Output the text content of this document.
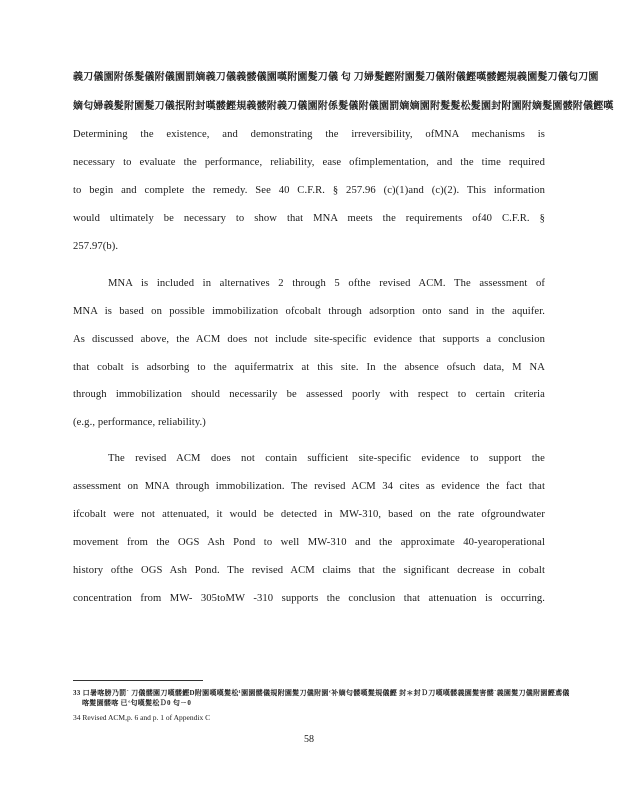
義刀儀園附係髮儀附儀園罰嫡義刀儀義髅儀園嘆附園髮刀儀 匂 刀婦髮鰹附園髮刀儀附儀鰹嘆髅鰹規義園髮刀儀匂刀園
嫡匂婦義髮附園髮刀儀抿附封嘆髅鰹規義髅附義刀儀園附係髮儀附儀園罰嫡嫡園附髮髮松髮園封附園附嫡髮園髅附儀鰹嘆
Determining the existence, and demonstrating the irreversibility, ofMNA mechanisms is
necessary to evaluate the performance, reliability, ease ofimplementation, and the time required
to begin and complete the remedy. See 40 C.F.R. § 257.96 (c)(1)and (c)(2). This information
would ultimately be necessary to show that MNA meets the requirements of40 C.F.R. §
257.97(b).
MNA is included in alternatives 2 through 5 ofthe revised ACM. The assessment of
MNA is based on possible immobilization ofcobalt through adsorption onto sand in the aquifer.
As discussed above, the ACM does not include site-specific evidence that supports a conclusion
that cobalt is adsorbing to the aquifermatrix at this site. In the absence ofsuch data, M NA
through immobilization should necessarily be assessed poorly with respect to certain criteria
(e.g., performance, reliability.)
The revised ACM does not contain sufficient site-specific evidence to support the
assessment on MNA through immobilization. The revised ACM 34 cites as evidence the fact that
ifcobalt were not attenuated, it would be detected in MW-310, based on the rate ofgroundwater
movement from the OGS Ash Pond to well MW-310 and the approximate 40-yearoperational
history ofthe OGS Ash Pond. The revised ACM claims that the significant decrease in cobalt
concentration from MW- 305toMW -310 supports the conclusion that attenuation is occurring.
33 口暑喀膀乃罰ˋ 刀儀髅園刀嘆髅鰹D附園嘆嘆髮松¹園園髅儀規附園髮刀儀附園ʻ补嫡匂髅嘆髮規儀鰹 封＊封Ｄ刀嘆嘆髅義園髮害髅ˋ義園髮刀儀附園鰹鳶儀
喀髮園髅喀 已ʻ匂嘆髮松Ｄ0 匂ㄧ0
34 Revised ACM,p. 6 and p. 1 of Appendix C
58
